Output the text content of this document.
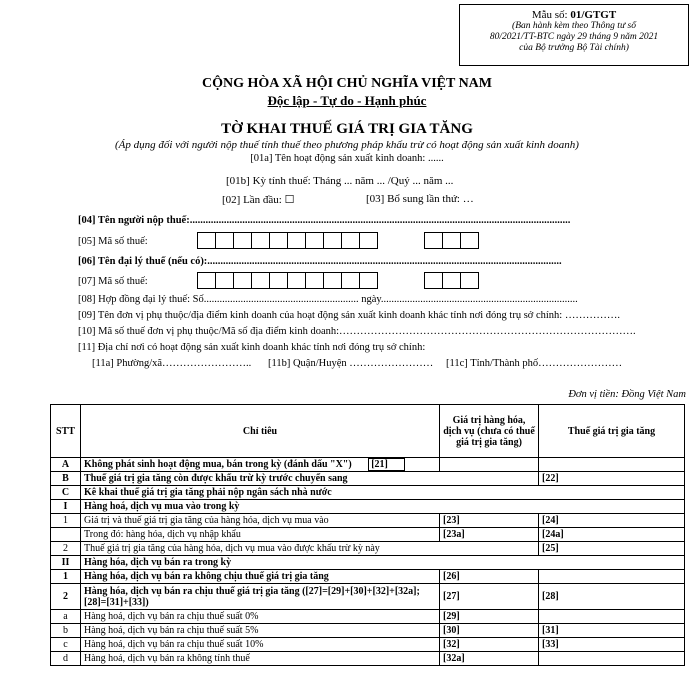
Mẫu số: 01/GTGT
(Ban hành kèm theo Thông tư số
80/2021/TT-BTC ngày 29 tháng 9 năm 2021
của Bộ trưởng Bộ Tài chính)
CỘNG HÒA XÃ HỘI CHỦ NGHĨA VIỆT NAM
Độc lập - Tự do - Hạnh phúc
TỜ KHAI THUẾ GIÁ TRỊ GIA TĂNG
(Áp dụng đối với người nộp thuế tính thuế theo phương pháp khấu trừ có hoạt động sản xuất kinh doanh)
[01a] Tên hoạt động sản xuất kinh doanh: ......
[01b] Kỳ tính thuế: Tháng ... năm ... /Quý ... năm ...
[02] Lần đầu: ☐	[03] Bổ sung lần thứ: …
[04] Tên người nộp thuế:.................................................................................................................................................
[05] Mã số thuế:
[06] Tên đại lý thuế (nếu có):.......................................................................................................................................
[07] Mã số thuế:
[08] Hợp đồng đại lý thuế: Số........................................................... ngày...........................................................................
[09] Tên đơn vị phụ thuộc/địa điểm kinh doanh của hoạt động sản xuất kinh doanh khác tỉnh nơi đóng trụ sở chính: …………….
[10] Mã số thuế đơn vị phụ thuộc/Mã số địa điểm kinh doanh:………………………………………………………………………….
[11] Địa chỉ nơi có hoạt động sản xuất kinh doanh khác tỉnh nơi đóng trụ sở chính:
[11a] Phường/xã…………………….. [11b] Quận/Huyện …………………… [11c] Tỉnh/Thành phố……………………
Đơn vị tiền: Đồng Việt Nam
STT	Chỉ tiêu	Giá trị hàng hóa, dịch vụ (chưa có thuế giá trị gia tăng)	Thuế giá trị gia tăng
A	Không phát sinh hoạt động mua, bán trong kỳ (đánh dấu "X") [21]		
B	Thuế giá trị gia tăng còn được khấu trừ kỳ trước chuyển sang		[22]
C	Kê khai thuế giá trị gia tăng phải nộp ngân sách nhà nước		
I	Hàng hoá, dịch vụ mua vào trong kỳ		
1	Giá trị và thuế giá trị gia tăng của hàng hóa, dịch vụ mua vào	[23]	[24]
	Trong đó: hàng hóa, dịch vụ nhập khẩu	[23a]	[24a]
2	Thuế giá trị gia tăng của hàng hóa, dịch vụ mua vào được khấu trừ kỳ này		[25]
II	Hàng hóa, dịch vụ bán ra trong kỳ		
1	Hàng hóa, dịch vụ bán ra không chịu thuế giá trị gia tăng	[26]	
2	Hàng hóa, dịch vụ bán ra chịu thuế giá trị gia tăng ([27]=[29]+[30]+[32]+[32a]; [28]=[31]+[33])	[27]	[28]
a	Hàng hoá, dịch vụ bán ra chịu thuế suất 0%	[29]	
b	Hàng hoá, dịch vụ bán ra chịu thuế suất 5%	[30]	[31]
c	Hàng hoá, dịch vụ bán ra chịu thuế suất 10%	[32]	[33]
d	Hàng hoá, dịch vụ bán ra không tính thuế	[32a]	
